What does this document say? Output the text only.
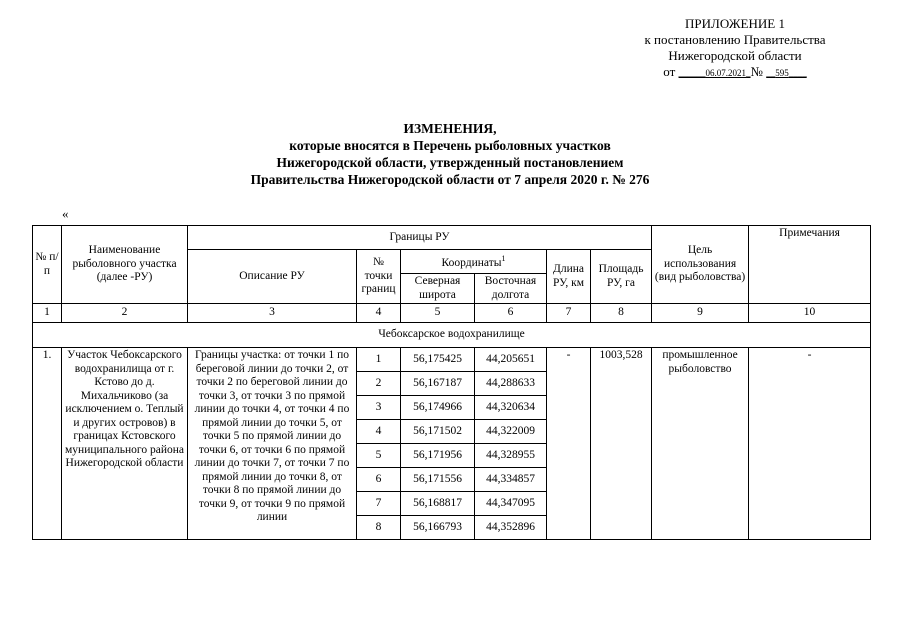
ПРИЛОЖЕНИЕ 1
к постановлению Правительства
Нижегородской области
от ______06.07.2021_№ __595____
ИЗМЕНЕНИЯ,
которые вносятся в Перечень рыболовных участков
Нижегородской области, утвержденный постановлением
Правительства Нижегородской области от 7 апреля 2020 г. № 276
«
№ п/п	Наименование рыболовного участка (далее -РУ)	Границы РУ						Цель использования (вид рыболовства)	Примечания
		Описание РУ	№ точки границ	Координаты$^1$		Длина РУ, км	Площадь РУ, га		
				Северная широта	Восточная долгота				
1	2	3	4	5	6	7	8	9	10
Чебоксарское водохранилище									
1.	Участок Чебоксарского водохранилища от г. Кстово до д. Михальчиково (за исключением о. Теплый и других островов) в границах Кстовского муниципального района Нижегородской области	Границы участка: от точки 1 по береговой линии до точки 2, от точки 2 по береговой линии до точки 3, от точки 3 по прямой линии до точки 4, от точки 4 по прямой линии до точки 5, от точки 5 по прямой линии до точки 6, от точки 6 по прямой линии до точки 7, от точки 7 по прямой линии до точки 8, от точки 8 по прямой линии до точки 9, от точки 9 по прямой линии	1	56,175425	44,205651	-	1003,528	промышленное рыболовство	-
			2	56,167187	44,288633				
			3	56,174966	44,320634				
			4	56,171502	44,322009				
			5	56,171956	44,328955				
			6	56,171556	44,334857				
			7	56,168817	44,347095				
			8	56,166793	44,352896				
